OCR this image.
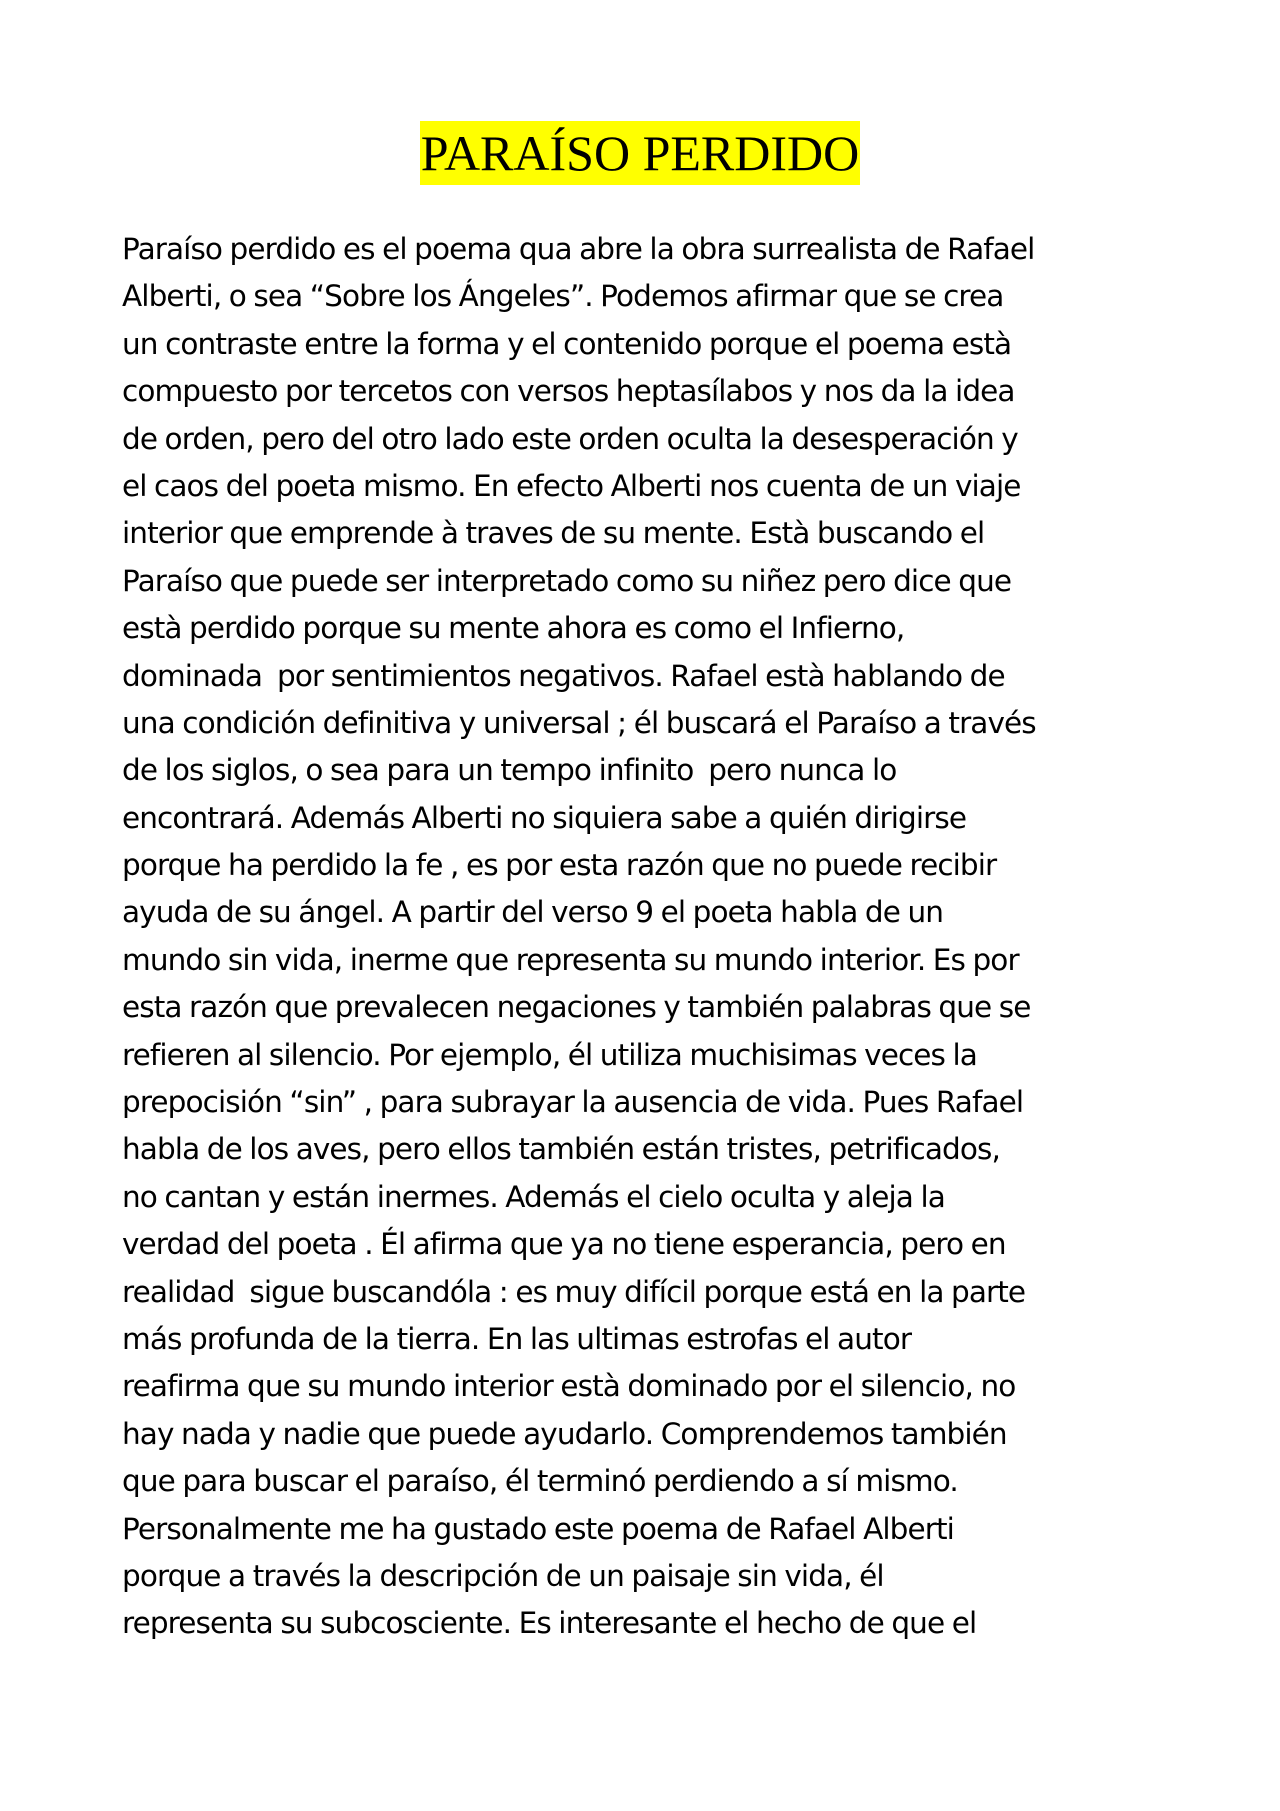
PARAÍSO PERDIDO
Paraíso perdido es el poema qua abre la obra surrealista de Rafael
Alberti, o sea “Sobre los Ángeles”. Podemos afirmar que se crea
un contraste entre la forma y el contenido porque el poema està
compuesto por tercetos con versos heptasílabos y nos da la idea
de orden, pero del otro lado este orden oculta la desesperación y
el caos del poeta mismo. En efecto Alberti nos cuenta de un viaje
interior que emprende à traves de su mente. Està buscando el
Paraíso que puede ser interpretado como su niñez pero dice que
està perdido porque su mente ahora es como el Infierno,
dominada  por sentimientos negativos. Rafael està hablando de
una condición definitiva y universal ; él buscará el Paraíso a través
de los siglos, o sea para un tempo infinito  pero nunca lo
encontrará. Además Alberti no siquiera sabe a quién dirigirse
porque ha perdido la fe , es por esta razón que no puede recibir
ayuda de su ángel. A partir del verso 9 el poeta habla de un
mundo sin vida, inerme que representa su mundo interior. Es por
esta razón que prevalecen negaciones y también palabras que se
refieren al silencio. Por ejemplo, él utiliza muchisimas veces la
prepocisión “sin” , para subrayar la ausencia de vida. Pues Rafael
habla de los aves, pero ellos también están tristes, petrificados,
no cantan y están inermes. Además el cielo oculta y aleja la
verdad del poeta . Él afirma que ya no tiene esperancia, pero en
realidad  sigue buscandóla : es muy difícil porque está en la parte
más profunda de la tierra. En las ultimas estrofas el autor
reafirma que su mundo interior està dominado por el silencio, no
hay nada y nadie que puede ayudarlo. Comprendemos también
que para buscar el paraíso, él terminó perdiendo a sí mismo.
Personalmente me ha gustado este poema de Rafael Alberti
porque a través la descripción de un paisaje sin vida, él
representa su subcosciente. Es interesante el hecho de que el
